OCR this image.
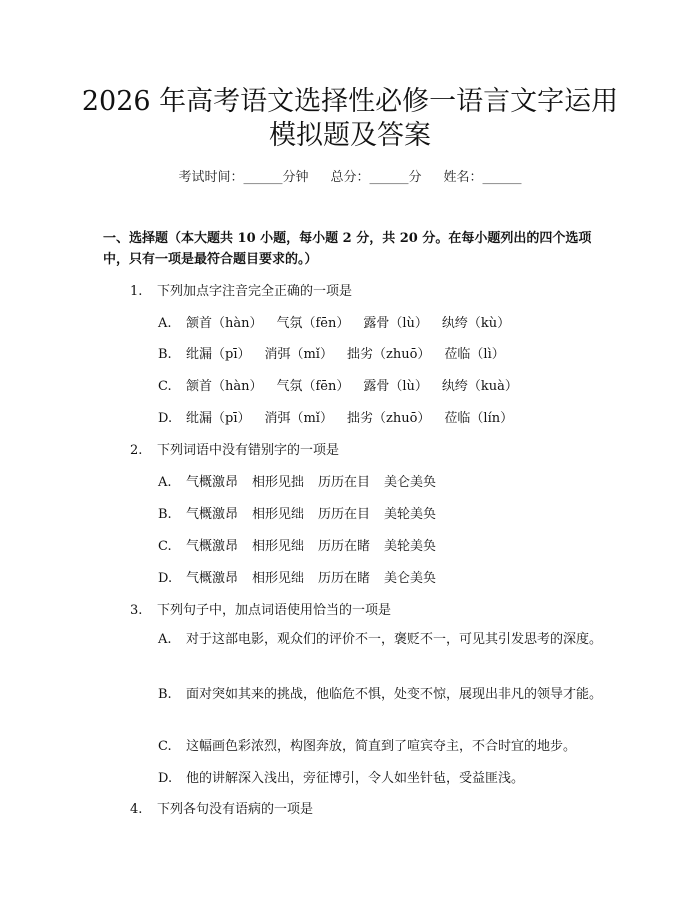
2026 年高考语文选择性必修一语言文字运用
模拟题及答案
考试时间：______分钟 总分：______分 姓名：______
一、选择题（本大题共 10 小题，每小题 2 分，共 20 分。在每小题列出的四个选项中，只有一项是最符合题目要求的。）
1. 下列加点字注音完全正确的一项是
A. 颔首（hàn） 气氛（fēn） 露骨（lù） 纨绔（kù）
B. 纰漏（pī） 消弭（mǐ） 拙劣（zhuō） 莅临（lì）
C. 颔首（hàn） 气氛（fēn） 露骨（lù） 纨绔（kuà）
D. 纰漏（pī） 消弭（mǐ） 拙劣（zhuō） 莅临（lín）
2. 下列词语中没有错别字的一项是
A. 气概激昂 相形见拙 历历在目 美仑美奂
B. 气概激昂 相形见绌 历历在目 美轮美奂
C. 气概激昂 相形见绌 历历在睹 美轮美奂
D. 气概激昂 相形见绌 历历在睹 美仑美奂
3. 下列句子中，加点词语使用恰当的一项是
A. 对于这部电影，观众们的评价不一，褒贬不一，可见其引发思考的深度。
B. 面对突如其来的挑战，他临危不惧，处变不惊，展现出非凡的领导才能。
C. 这幅画色彩浓烈，构图奔放，简直到了喧宾夺主，不合时宜的地步。
D. 他的讲解深入浅出，旁征博引，令人如坐针毡，受益匪浅。
4. 下列各句没有语病的一项是
